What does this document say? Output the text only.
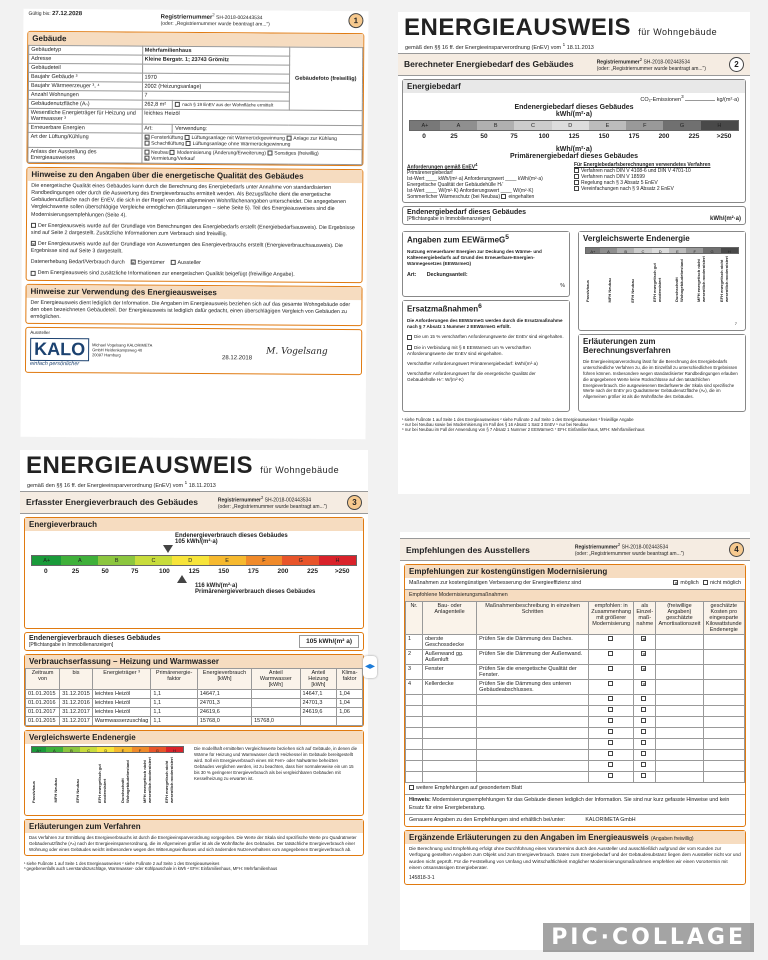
Gültig bis: 27.12.2028
Registriernummer$^2$ SH-2018-002443534
(oder: „Registriernummer wurde beantragt am...“)	1
Gebäude
Gebäudetyp	Mehrfamilienhaus		Gebäudefoto (freiwillig)
Adresse	Kleine Bergstr. 1; 23743 Grömitz		
Gebäudeteil			
Baujahr Gebäude ³	1970		
Baujahr Wärmeerzeuger ³, ⁴	2002 (Heizungsanlage)		
Anzahl Wohnungen	7		
Gebäudenutzfläche (Aₙ)	262,8 m²	nach § 19 EnEV aus der Wohnfläche ermittelt	
Wesentliche Energieträger für Heizung und Warmwasser ³	leichtes Heizöl		
Erneuerbare Energien	Art:	Verwendung:	
Art der Lüftung/Kühlung	× Fensterlüftung Lüftungsanlage mit Wärmerückgewinnung Anlage zur Kühlung
Schachtlüftung Lüftungsanlage ohne Wärmerückgewinnung		
Anlass der Ausstellung des Energieausweises	Neubau Modernisierung (Änderung/Erweiterung) Sonstiges (freiwillig)
× Vermietung/Verkauf		
Hinweise zu den Angaben über die energetische Qualität des Gebäudes
Die energetische Qualität eines Gebäudes kann durch die Berechnung des Energiebedarfs unter Annahme von standardisierten Randbedingungen oder durch die Auswertung des Energieverbrauchs ermittelt werden. Als Bezugsfläche dient die energetische Gebäudenutzfläche nach der EnEV, die sich in der Regel von den allgemeinen Wohnflächenangaben unterscheidet. Die angegebenen Vergleichswerte sollen überschlägige Vergleiche ermöglichen (Erläuterungen – siehe Seite 5). Teil des Energieausweises sind die Modernisierungsempfehlungen (Seite 4).
Der Energieausweis wurde auf der Grundlage von Berechnungen des Energiebedarfs erstellt (Energiebedarfsausweis). Die Ergebnisse sind auf Seite 2 dargestellt. Zusätzliche Informationen zum Verbrauch sind freiwillig.
× Der Energieausweis wurde auf der Grundlage von Auswertungen des Energieverbrauchs erstellt (Energieverbrauchsausweis). Die Ergebnisse sind auf Seite 3 dargestellt.
Datenerhebung Bedarf/Verbrauch durch × Eigentümer Aussteller
Dem Energieausweis sind zusätzliche Informationen zur energetischen Qualität beigefügt (freiwillige Angabe).
Hinweise zur Verwendung des Energieausweises
Der Energieausweis dient lediglich der Information. Die Angaben im Energieausweis beziehen sich auf das gesamte Wohngebäude oder den oben bezeichneten Gebäudeteil. Der Energieausweis ist lediglich dafür gedacht, einen überschlägigen Vergleich von Gebäuden zu ermöglichen.
Aussteller
KALO	Michael Vogelsang KALORIMETA GmbH Heidenkampsweg 40 20097 Hamburg	28.12.2018
M. Vogelsang
einfach persönlicher
ENERGIEAUSWEIS für Wohngebäude
gemäß den §§ 16 ff. der Energieeinsparverordnung (EnEV) vom $^1$ 18.11.2013
Berechneter Energiebedarf des Gebäudes	Registriernummer$^2$ SH-2018-002443534
(oder: „Registriernummer wurde beantragt am...“)	2
Energiebedarf
CO₂-Emissionen$^3$  kg/(m²·a)
Endenergiebedarf dieses Gebäudes
kWh/(m²·a)
A+	A	B	C	D	E	F	G	H
0	25	50	75	100	125	150	175	200	225	>250
kWh/(m²·a)
Primärenergiebedarf dieses Gebäudes
Anforderungen gemäß EnEV$^4$
Primärenergiebedarf
Ist-Wert ____ kWh/(m²·a) Anforderungswert ____ kWh/(m²·a)
Energetische Qualität der Gebäudehülle Hₜ'
Ist-Wert ____ W/(m²·K) Anforderungswert ____ W/(m²·K)
Sommerlicher Wärmeschutz (bei Neubau) eingehalten
Für Energiebedarfsberechnungen verwendetes Verfahren
Verfahren nach DIN V 4108-6 und DIN V 4701-10
Verfahren nach DIN V 18599
Regelung nach § 3 Absatz 5 EnEV
Vereinfachungen nach § 9 Absatz 2 EnEV
Endenergiebedarf dieses Gebäudes
[Pflichtangabe in Immobilienanzeigen]	kWh/(m²·a)
Angaben zum EEWärmeG$^5$
Nutzung erneuerbarer Energien zur Deckung des Wärme- und Kälteenergiebedarfs auf Grund des Erneuerbare-Energien-Wärmegesetzes (EEWärmeG)
Art: Deckungsanteil:
%
Ersatzmaßnahmen$^6$
Die Anforderungen des EEWärmeG werden durch die Ersatzmaßnahme nach § 7 Absatz 1 Nummer 2 EEWärmeG erfüllt.
Die um 15 % verschärften Anforderungswerte der EnEV sind eingehalten.
Die in Verbindung mit § 8 EEWärmeG um % verschärften Anforderungswerte der EnEV sind eingehalten.
Verschärfter Anforderungswert Primärenergiebedarf: kWh/(m²·a)
Verschärfter Anforderungswert für die energetische Qualität der Gebäudehülle Hₜ': W/(m²·K)
Vergleichswerte Endenergie
A+	A	B	C	D	E	F	G	H
Passivhaus	MFH Neubau	EFH Neubau	EFH energetisch gut modernisiert	Durchschnitt Wohngebäudebestand	MFH energetisch nicht wesentlich modernisiert	EFH energetisch nicht wesentlich modernisiert
7
Erläuterungen zum Berechnungsverfahren
Die Energieeinsparverordnung lässt für die Berechnung des Energiebedarfs unterschiedliche Verfahren zu, die im Einzelfall zu unterschiedlichen Ergebnissen führen können. Insbesondere wegen standardisierter Randbedingungen erlauben die angegebenen Werte keine Rückschlüsse auf den tatsächlichen Energieverbrauch. Die ausgewiesenen Bedarfswerte der Skala sind spezifische Werte nach der EnEV pro Quadratmeter Gebäudenutzfläche (Aₙ), die im Allgemeinen größer ist als die Wohnfläche des Gebäudes.
¹ siehe Fußnote 1 auf Seite 1 des Energieausweises ² siehe Fußnote 2 auf Seite 1 des Energieausweises ³ freiwillige Angabe
⁴ nur bei Neubau sowie bei Modernisierung im Fall des § 16 Absatz 1 Satz 3 EnEV ⁵ nur bei Neubau
⁶ nur bei Neubau im Fall der Anwendung von § 7 Absatz 1 Nummer 2 EEWärmeG ⁷ EFH: Einfamilienhaus, MFH: Mehrfamilienhaus
ENERGIEAUSWEIS für Wohngebäude
gemäß den §§ 16 ff. der Energieeinsparverordnung (EnEV) vom $^1$ 18.11.2013
Erfasster Energieverbrauch des Gebäudes	Registriernummer$^2$ SH-2018-002443534
(oder: „Registriernummer wurde beantragt am...“)	3
Energieverbrauch
Endenergieverbrauch dieses Gebäudes
105 kWh/(m²·a)
A+	A	B	C	D	E	F	G	H
0	25	50	75	100	125	150	175	200	225	>250
116 kWh/(m²·a)
Primärenergieverbrauch dieses Gebäudes
Endenergieverbrauch dieses Gebäudes
[Pflichtangabe in Immobilienanzeigen]	105 kWh/(m² a)
Verbrauchserfassung – Heizung und Warmwasser
Zeitraum von	bis	Energieträger ³	Primärenergie-faktor	Energieverbrauch [kWh]	Anteil Warmwasser [kWh]	Anteil Heizung [kWh]	Klima-faktor
01.01.2015	31.12.2015	leichtes Heizöl	1,1	14647,1		14647,1	1,04
01.01.2016	31.12.2016	leichtes Heizöl	1,1	24701,3		24701,3	1,04
01.01.2017	31.12.2017	leichtes Heizöl	1,1	24619,6		24619,6	1,06
01.01.2015	31.12.2017	Warmwasserzuschlag	1,1	15768,0	15768,0		
Vergleichswerte Endenergie
A+	A	B	C	D	E	F	G	H
Passivhaus	MFH Neubau	EFH Neubau	EFH energetisch gut modernisiert	Durchschnitt Wohngebäudebestand	MFH energetisch nicht wesentlich modernisiert	EFH energetisch nicht wesentlich modernisiert
Die modellhaft ermittelten Vergleichswerte beziehen sich auf Gebäude, in denen die Wärme für Heizung und Warmwasser durch Heizkessel im Gebäude bereitgestellt wird. Soll ein Energieverbrauch eines mit Fern- oder Nahwärme beheizten Gebäudes verglichen werden, ist zu beachten, dass hier normalerweise ein um 15 bis 30 % geringerer Energieverbrauch als bei vergleichbaren Gebäuden mit Kesselheizung zu erwarten ist.
Erläuterungen zum Verfahren
Das Verfahren zur Ermittlung des Energieverbrauchs ist durch die Energieeinsparverordnung vorgegeben. Die Werte der Skala sind spezifische Werte pro Quadratmeter Gebäudenutzfläche (Aₙ) nach der Energieeinsparverordnung, die im Allgemeinen größer ist als die Wohnfläche des Gebäudes. Der tatsächliche Energieverbrauch einer Wohnung oder eines Gebäudes weicht insbesondere wegen des Witterungseinflusses und sich ändernden Nutzerverhaltens vom angegebenen Energieverbrauch ab.
¹ siehe Fußnote 1 auf Seite 1 des Energieausweises ² siehe Fußnote 2 auf Seite 1 des Energieausweises
³ gegebenenfalls auch Leerstandszuschläge, Warmwasser- oder Kühlpauschale in kWh ⁴ EFH: Einfamilienhaus, MFH: Mehrfamilienhaus
Empfehlungen des Ausstellers	Registriernummer$^2$ SH-2018-002443534
(oder: „Registriernummer wurde beantragt am...“)	4
Empfehlungen zur kostengünstigen Modernisierung
Maßnahmen zur kostengünstigen Verbesserung der Energieeffizienz sind	× möglich nicht möglich
Empfohlene Modernisierungsmaßnahmen
Nr.	Bau- oder Anlagenteile	Maßnahmenbeschreibung in einzelnen Schritten	empfohlen: in Zusammenhang mit größerer Modernisierung	als Einzel-maß-nahme	(freiwillige Angaben) geschätzte Amortisationszeit	geschätzte Kosten pro eingesparte Kilowattstunde Endenergie
1	oberste Geschossdecke	Prüfen Sie die Dämmung des Daches.		×		
2	Außenwand gg. Außenluft	Prüfen Sie die Dämmung der Außenwand.		×		
3	Fenster	Prüfen Sie die energetische Qualität der Fenster.		×		
4	Kellerdecke	Prüfen Sie die Dämmung des unteren Gebäudeabschlusses.		×		

weitere Empfehlungen auf gesondertem Blatt
Hinweis: Modernisierungsempfehlungen für das Gebäude dienen lediglich der Information. Sie sind nur kurz gefasste Hinweise und kein Ersatz für eine Energieberatung.
Genauere Angaben zu den Empfehlungen sind erhältlich bei/unter:	KALORIMETA GmbH
Ergänzende Erläuterungen zu den Angaben im Energieausweis (Angaben freiwillig)
Die Berechnung und Empfehlung erfolgt ohne Durchführung eines Vorortermins durch den Aussteller und ausschließlich aufgrund der vom Kunden zur Verfügung gestellten Angaben zum Objekt und zum Energieverbrauch. Daten zum Energiebedarf und der Gebäudesubstanz liegen dem Aussteller nicht vor und wurden nicht geprüft. Für die Feststellung von Umfang und Wirtschaftlichkeit möglicher Modernisierungsmaßnahmen empfehlen wir einen Vorortermin mit einem ortsansässigen Energieberater.
145818-3-1
◂▸
PIC·COLLAGE
